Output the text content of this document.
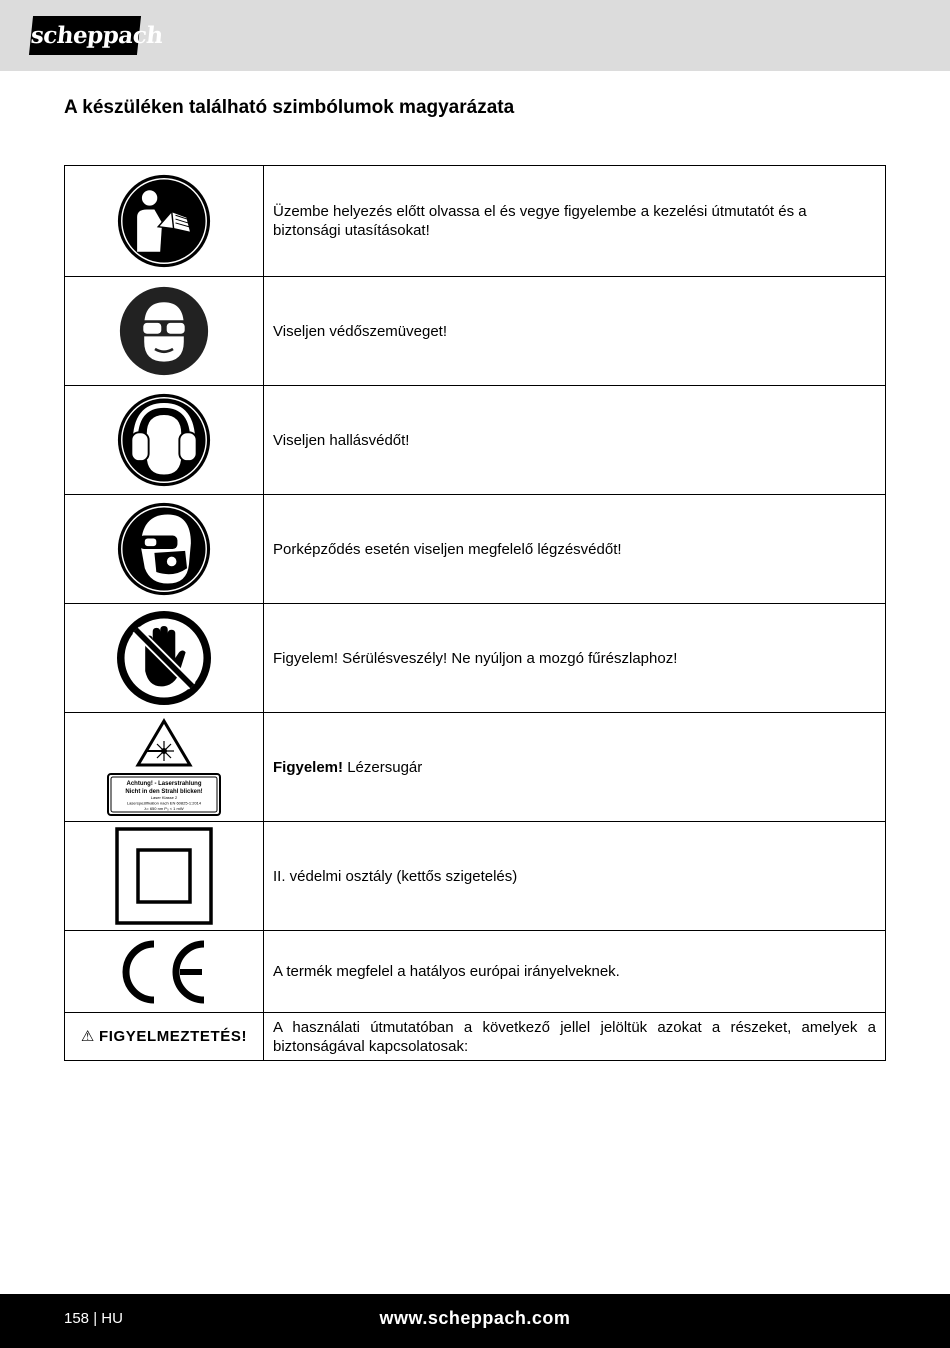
scheppach
A készüléken található szimbólumok magyarázata
	Üzembe helyezés előtt olvassa el és vegye figyelembe a kezelési útmutatót és a biztonsági utasításokat!

	Viseljen védőszemüveget!

	Viseljen hallásvédőt!

	Porképződés esetén viseljen megfelelő légzésvédőt!

	Figyelem! Sérülésveszély! Ne nyúljon a mozgó fűrészlaphoz!

Achtung! - Laserstrahlung
Nicht in den Strahl blicken!
Laser Klasse 2
Laserspezifikation nach EN 60825-1:2014
λ= 650 nm P₀ < 1 mW	Figyelem! Lézersugár

	II. védelmi osztály (kettős szigetelés)

	A termék megfelel a hatályos európai irányelveknek.
⚠ FIGYELMEZTETÉS!	A használati útmutatóban a következő jellel jelöltük azokat a részeket, amelyek a biztonságával kapcsolatosak:
158 | HU	www.scheppach.com
